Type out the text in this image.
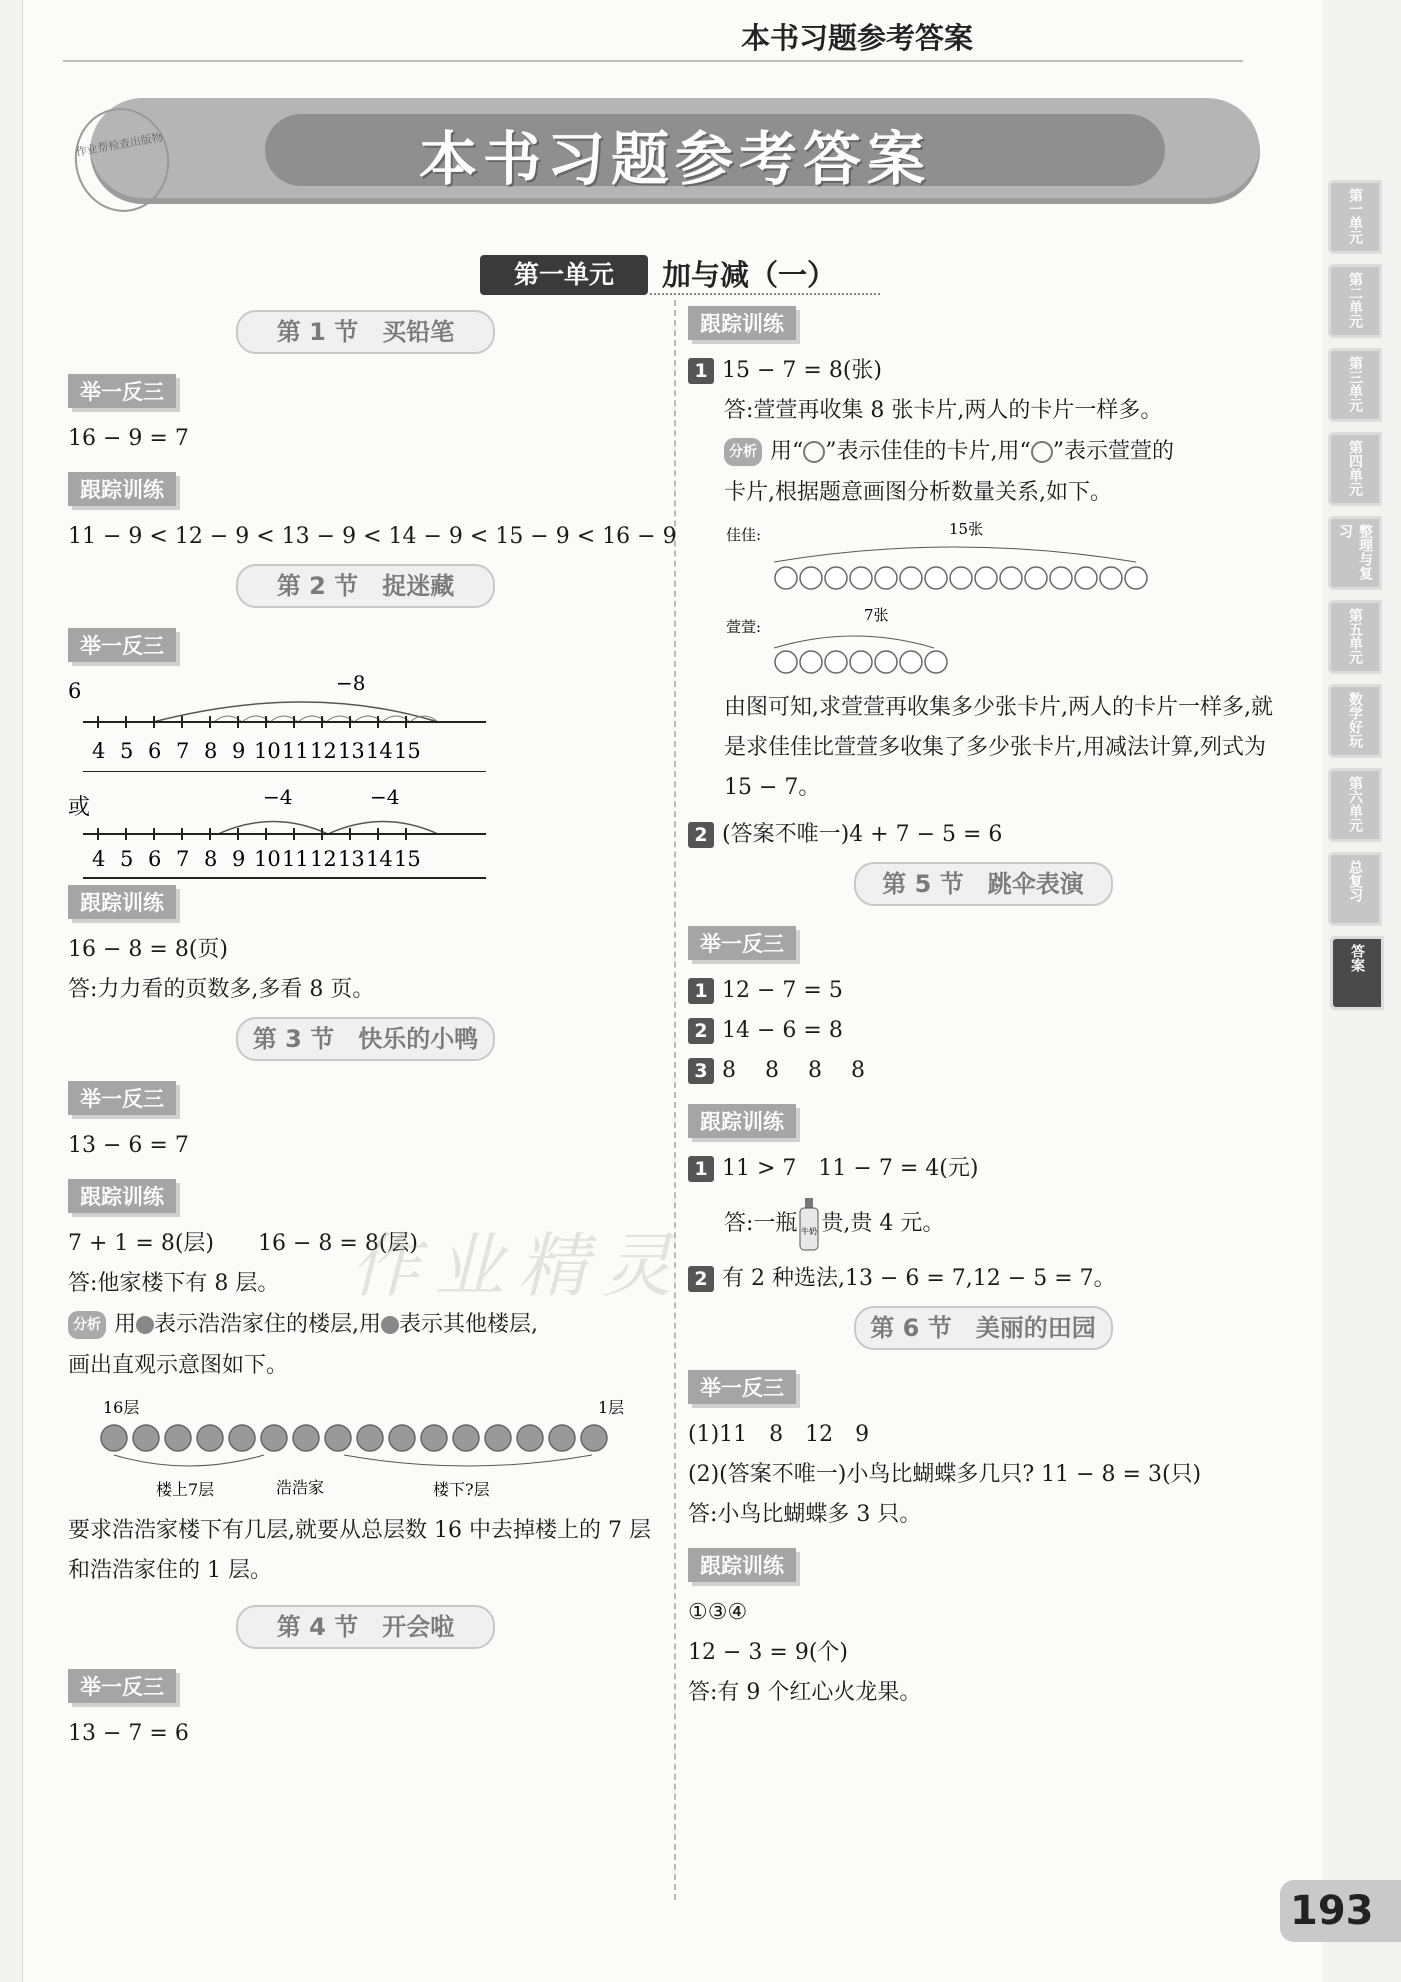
本书习题参考答案
本书习题参考答案
作业帮检查出版物
第一单元	加与减（一）
第 1 节　买铅笔
举一反三
16 − 9 = 7
跟踪训练
11 − 9 < 12 − 9 < 13 − 9 < 14 − 9 < 15 − 9 < 16 − 9
第 2 节　捉迷藏
举一反三
6	−8
4 5 6 7 8 9 10 11 12 13 14 15
或	−4	−4
4 5 6 7 8 9 10 11 12 13 14 15
跟踪训练
16 − 8 = 8(页)
答:力力看的页数多,多看 8 页。
第 3 节　快乐的小鸭
举一反三
13 − 6 = 7
跟踪训练
7 + 1 = 8(层)　　16 − 8 = 8(层)
答:他家楼下有 8 层。
分析 用 表示浩浩家住的楼层,用 表示其他楼层,
画出直观示意图如下。
16层	1层
楼上7层	浩浩家	楼下?层
要求浩浩家楼下有几层,就要从总层数 16 中去掉楼上的 7 层和浩浩家住的 1 层。
第 4 节　开会啦
举一反三
13 − 7 = 6
跟踪训练
1 15 − 7 = 8(张)
答:萱萱再收集 8 张卡片,两人的卡片一样多。
分析 用“ ”表示佳佳的卡片,用“ ”表示萱萱的
卡片,根据题意画图分析数量关系,如下。
佳佳:	15张
萱萱:
7张
由图可知,求萱萱再收集多少张卡片,两人的卡片一样多,就是求佳佳比萱萱多收集了多少张卡片,用减法计算,列式为 15 − 7。
2 (答案不唯一)4 + 7 − 5 = 6
第 5 节　跳伞表演
举一反三
1 12 − 7 = 5
2 14 − 6 = 8
3 8　 8　 8　 8
跟踪训练
1 11 > 7　11 − 7 = 4(元)
答:一瓶 牛奶 贵,贵 4 元。
2 有 2 种选法,13 − 6 = 7,12 − 5 = 7。
第 6 节　美丽的田园
举一反三
(1)11　8　12　9
(2)(答案不唯一)小鸟比蝴蝶多几只? 11 − 8 = 3(只)
答:小鸟比蝴蝶多 3 只。
跟踪训练
①③④
12 − 3 = 9(个)
答:有 9 个红心火龙果。
作业精灵
第一单元
第二单元
第三单元
第四单元
整理与复习
第五单元
数学好玩
第六单元
总复习
答案
193
